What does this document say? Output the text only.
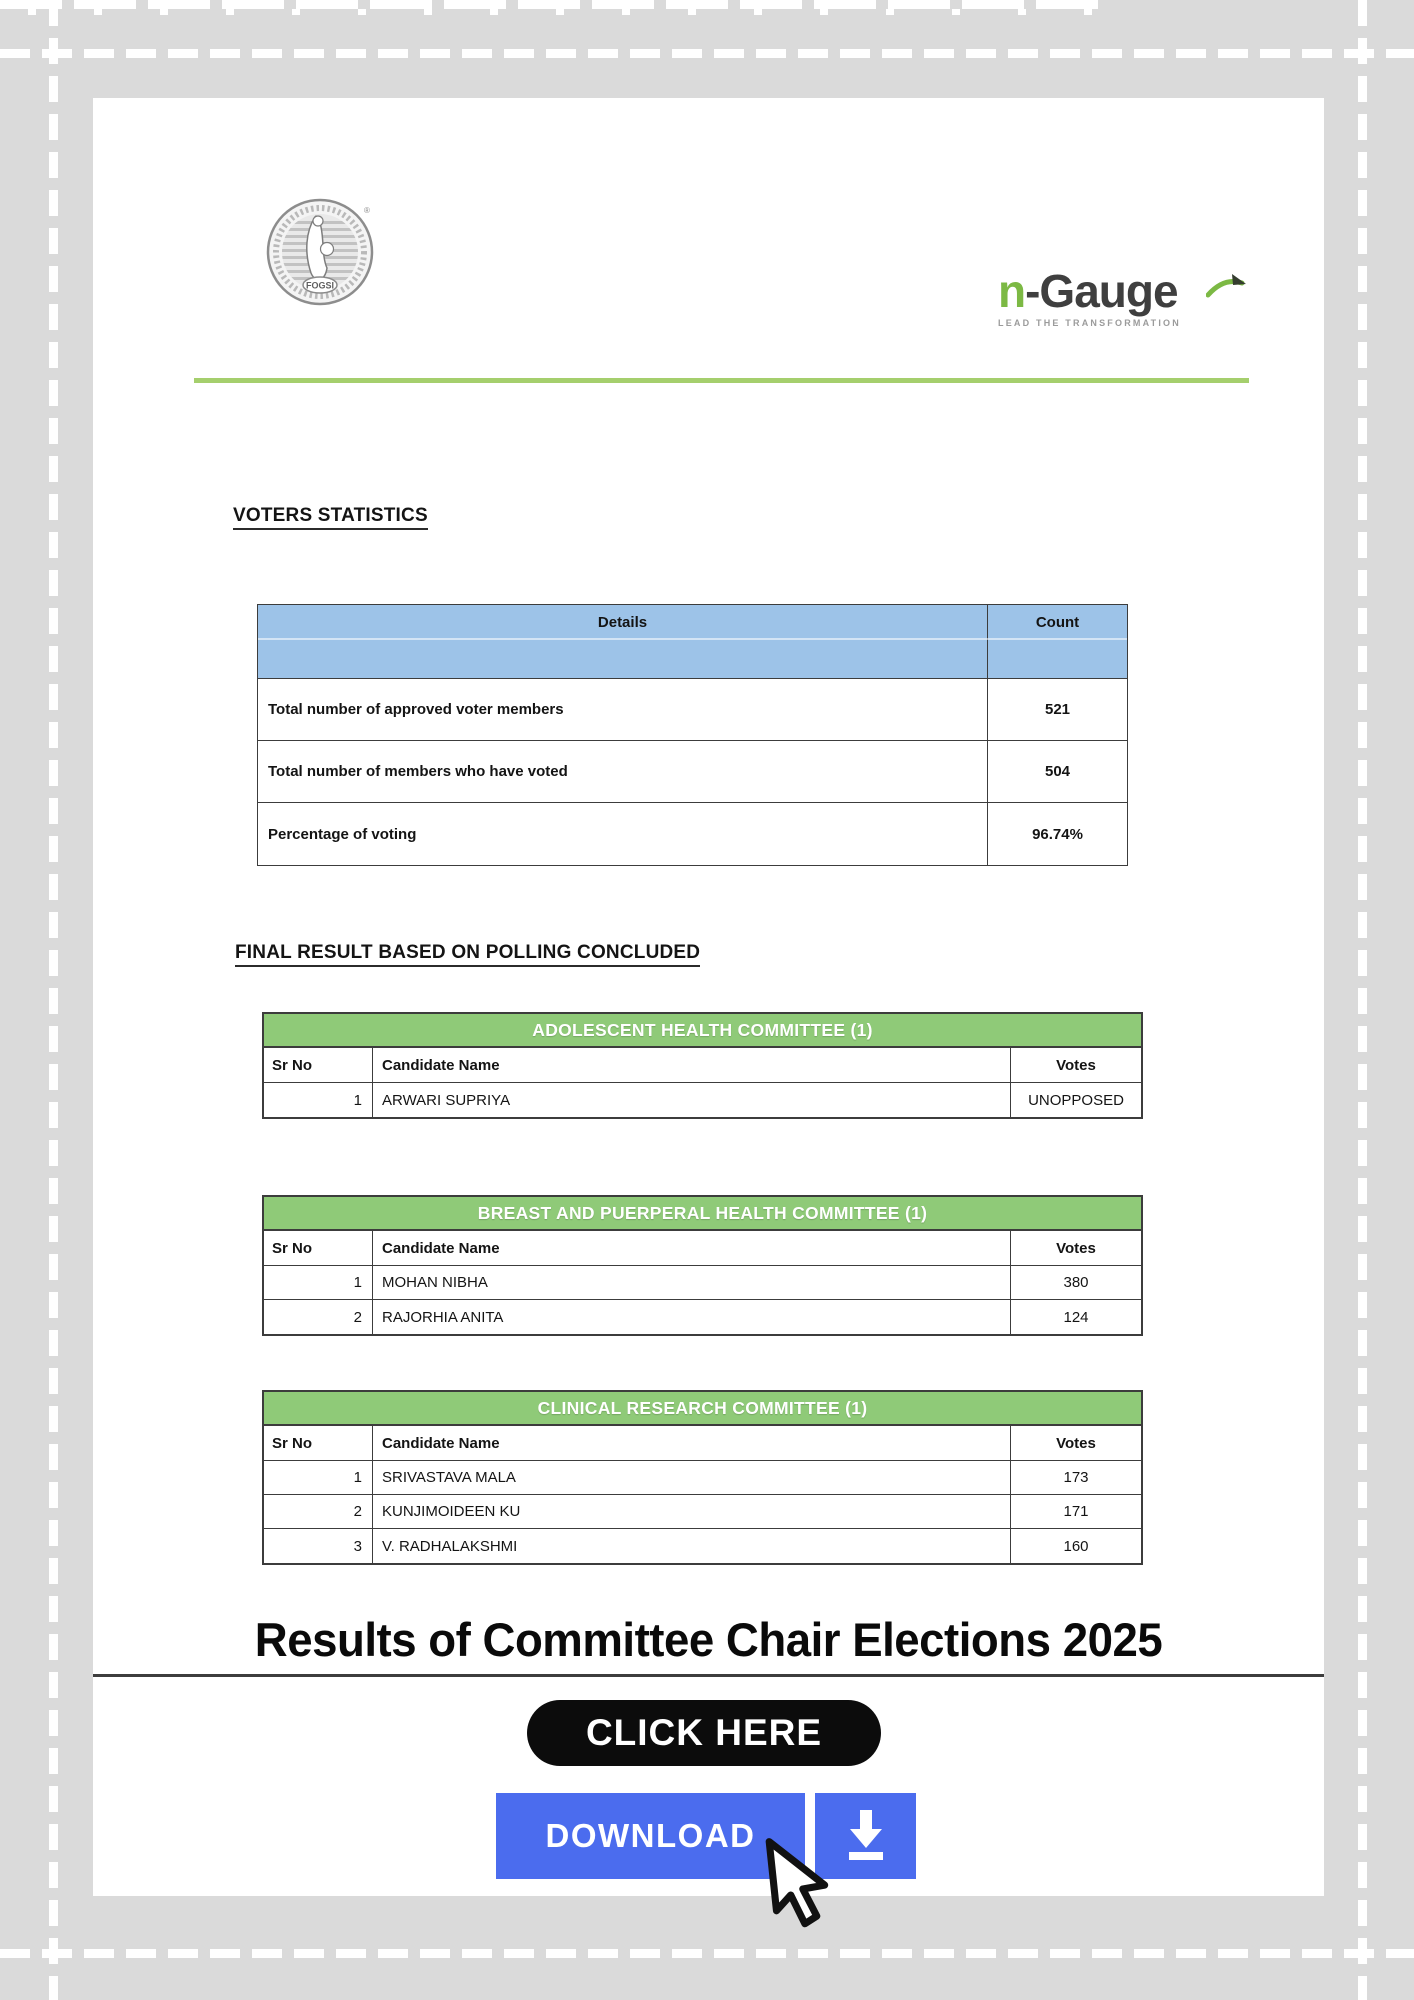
FOGSI
®
n-Gauge
LEAD THE TRANSFORMATION
VOTERS STATISTICS
Details	Count
Total number of approved voter members	521
Total number of members who have voted	504
Percentage of voting	96.74%
FINAL RESULT BASED ON POLLING CONCLUDED
ADOLESCENT HEALTH COMMITTEE (1)
Sr No	Candidate Name	Votes
1	ARWARI SUPRIYA	UNOPPOSED
BREAST AND PUERPERAL HEALTH COMMITTEE (1)
Sr No	Candidate Name	Votes
1	MOHAN NIBHA	380
2	RAJORHIA ANITA	124
CLINICAL RESEARCH COMMITTEE (1)
Sr No	Candidate Name	Votes
1	SRIVASTAVA MALA	173
2	KUNJIMOIDEEN KU	171
3	V. RADHALAKSHMI	160
Results of Committee Chair Elections 2025
CLICK HERE
DOWNLOAD
